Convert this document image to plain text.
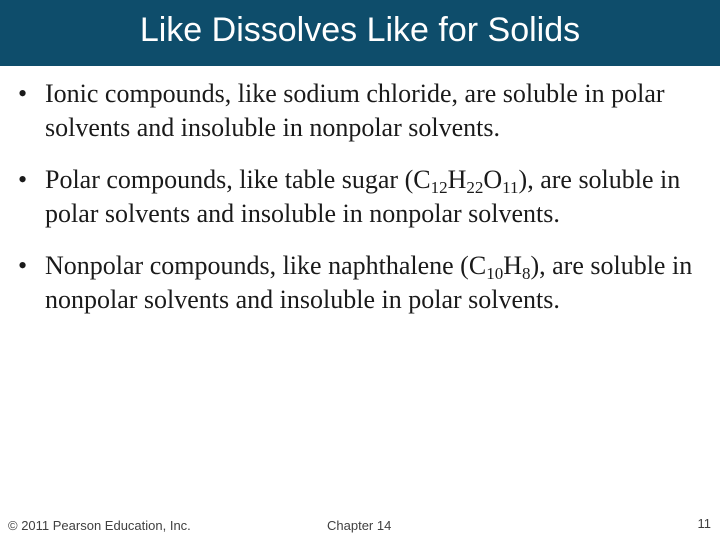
Like Dissolves Like for Solids
• Ionic compounds, like sodium chloride, are soluble in polar solvents and insoluble in nonpolar solvents.
• Polar compounds, like table sugar $(C_{12}H_{22}O_{11})$, are soluble in polar solvents and insoluble in nonpolar solvents.
• Nonpolar compounds, like naphthalene $(C_{10}H_8)$, are soluble in nonpolar solvents and insoluble in polar solvents.
© 2011 Pearson Education, Inc.	Chapter 14	11
